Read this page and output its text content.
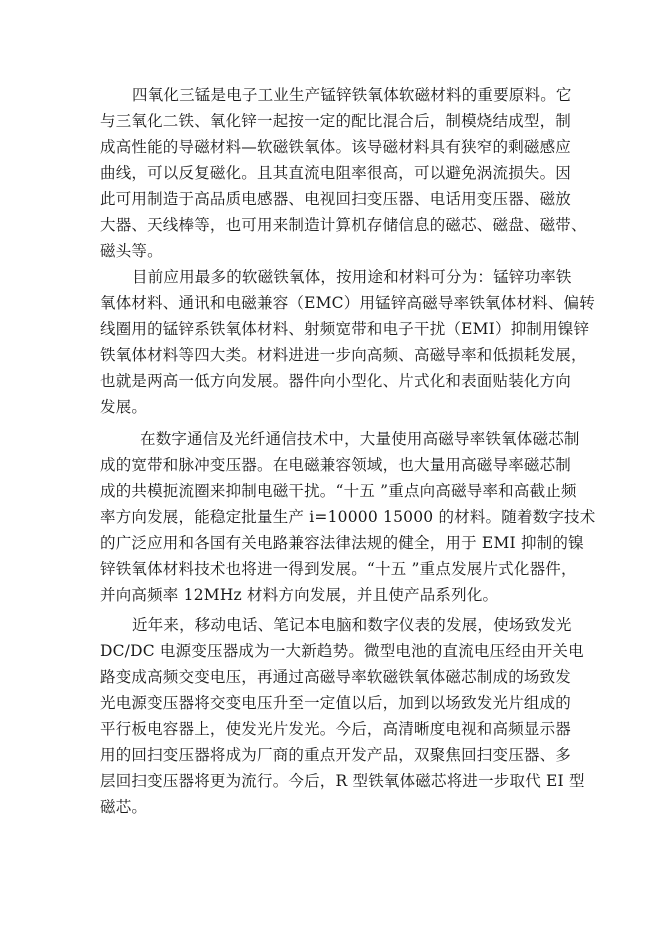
四氧化三锰是电子工业生产锰锌铁氧体软磁材料的重要原料。它
与三氧化二铁、氧化锌一起按一定的配比混合后，制模烧结成型，制
成高性能的导磁材料—软磁铁氧体。该导磁材料具有狭窄的剩磁感应
曲线，可以反复磁化。且其直流电阻率很高，可以避免涡流损失。因
此可用制造于高品质电感器、电视回扫变压器、电话用变压器、磁放
大器、天线棒等，也可用来制造计算机存储信息的磁芯、磁盘、磁带、
磁头等。
目前应用最多的软磁铁氧体，按用途和材料可分为：锰锌功率铁
氧体材料、通讯和电磁兼容（EMC）用锰锌高磁导率铁氧体材料、偏转
线圈用的锰锌系铁氧体材料、射频宽带和电子干扰（EMI）抑制用镍锌
铁氧体材料等四大类。材料进进一步向高频、高磁导率和低损耗发展，
也就是两高一低方向发展。器件向小型化、片式化和表面贴装化方向
发展。
在数字通信及光纤通信技术中，大量使用高磁导率铁氧体磁芯制
成的宽带和脉冲变压器。在电磁兼容领域，也大量用高磁导率磁芯制
成的共模扼流圈来抑制电磁干扰。“十五 ”重点向高磁导率和高截止频
率方向发展，能稳定批量生产 i=10000 15000 的材料。随着数字技术
的广泛应用和各国有关电路兼容法律法规的健全，用于 EMI 抑制的镍
锌铁氧体材料技术也将进一得到发展。“十五 ”重点发展片式化器件，
并向高频率 12MHz 材料方向发展，并且使产品系列化。
近年来，移动电话、笔记本电脑和数字仪表的发展，使场致发光
DC/DC 电源变压器成为一大新趋势。微型电池的直流电压经由开关电
路变成高频交变电压，再通过高磁导率软磁铁氧体磁芯制成的场致发
光电源变压器将交变电压升至一定值以后，加到以场致发光片组成的
平行板电容器上，使发光片发光。今后，高清晰度电视和高频显示器
用的回扫变压器将成为厂商的重点开发产品，双聚焦回扫变压器、多
层回扫变压器将更为流行。今后，R 型铁氧体磁芯将进一步取代 EI 型
磁芯。
